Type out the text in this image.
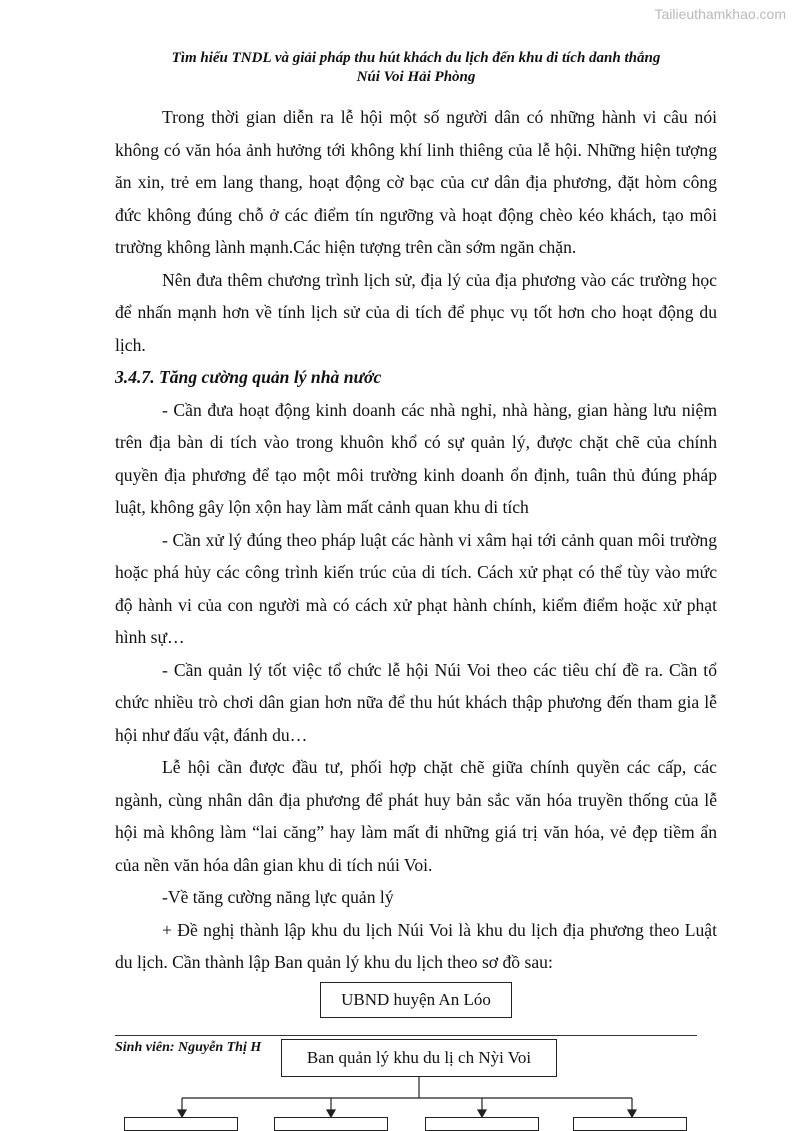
Tailieuthamkhao.com
Tìm hiểu TNDL và giải pháp thu hút khách du lịch đến khu di tích danh thắng
Núi Voi Hải Phòng

Trong thời gian diễn ra lễ hội một số người dân có những hành vi câu nói không có văn hóa ảnh hưởng tới không khí linh thiêng của lễ hội. Những hiện tượng ăn xin, trẻ em lang thang, hoạt động cờ bạc của cư dân địa phương, đặt hòm công đức không đúng chỗ ở các điểm tín ngưỡng và hoạt động chèo kéo khách, tạo môi trường không lành mạnh.Các hiện tượng trên cần sớm ngăn chặn.

Nên đưa thêm chương trình lịch sử, địa lý của địa phương vào các trường học để nhấn mạnh hơn về tính lịch sử của di tích để phục vụ tốt hơn cho hoạt động du lịch.

3.4.7. Tăng cường quản lý nhà nước

- Cần đưa hoạt động kinh doanh các nhà nghỉ, nhà hàng, gian hàng lưu niệm trên địa bàn di tích vào trong khuôn khổ có sự quản lý, được chặt chẽ của chính quyền địa phương để tạo một môi trường kinh doanh ổn định, tuân thủ đúng pháp luật, không gây lộn xộn hay làm mất cảnh quan khu di tích

- Cần xử lý đúng theo pháp luật các hành vi xâm hại tới cảnh quan môi trường hoặc phá hủy các công trình kiến trúc của di tích. Cách xử phạt có thể tùy vào mức độ hành vi của con người mà có cách xử phạt hành chính, kiểm điểm hoặc xử phạt hình sự…

- Cần quản lý tốt việc tổ chức lễ hội Núi Voi theo các tiêu chí đề ra. Cần tổ chức nhiều trò chơi dân gian hơn nữa để thu hút khách thập phương đến tham gia lễ hội như đấu vật, đánh du…

Lễ hội cần được đầu tư, phối hợp chặt chẽ giữa chính quyền các cấp, các ngành, cùng nhân dân địa phương để phát huy bản sắc văn hóa truyền thống của lễ hội mà không làm “lai căng” hay làm mất đi những giá trị văn hóa, vẻ đẹp tiềm ẩn của nền văn hóa dân gian khu di tích núi Voi.

-Về tăng cường năng lực quản lý

+ Đề nghị thành lập khu du lịch Núi Voi là khu du lịch địa phương theo Luật du lịch. Cần thành lập Ban quản lý khu du lịch theo sơ đồ sau:

Sinh viên: Nguyễn Thị H
UBND huyện An Lóo
Ban quản lý khu du lị ch Nỳi Voi
